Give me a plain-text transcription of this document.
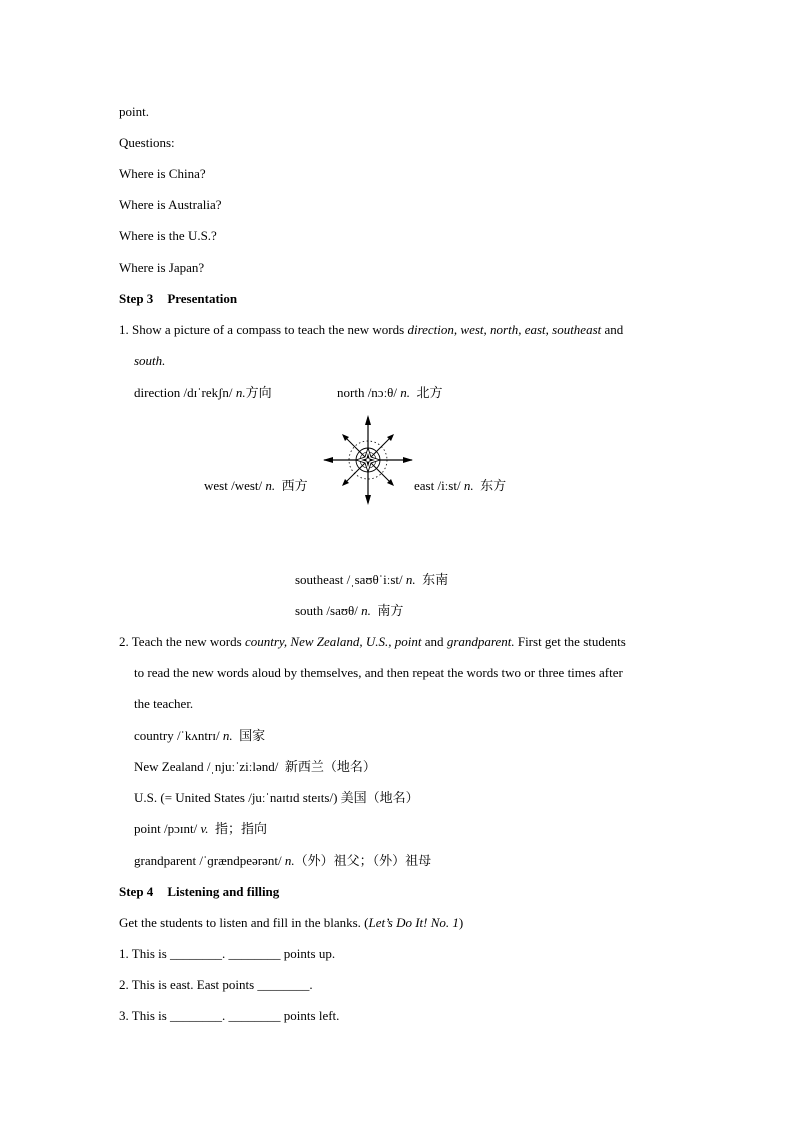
point.
Questions:
Where is China?
Where is Australia?
Where is the U.S.?
Where is Japan?
Step 3 Presentation
1. Show a picture of a compass to teach the new words direction, west, north, east, southeast and
south.
direction /dɪˈrekʃn/ n.方向	north /nɔːθ/ n. 北方
west /west/ n. 西方	east /iːst/ n. 东方
southeast /ˌsaʊθˈiːst/ n. 东南
south /saʊθ/ n. 南方
2. Teach the new words country, New Zealand, U.S., point and grandparent. First get the students
to read the new words aloud by themselves, and then repeat the words two or three times after
the teacher.
country /ˈkʌntrɪ/ n. 国家
New Zealand /ˌnjuːˈziːlənd/  新西兰（地名）
U.S. (= United States /juːˈnaɪtɪd steɪts/) 美国（地名）
point /pɔɪnt/ v. 指；指向
grandparent /ˈɡrændpeərənt/ n.（外）祖父；（外）祖母
Step 4 Listening and filling
Get the students to listen and fill in the blanks. (Let’s Do It! No. 1)
1. This is ________. ________ points up.
2. This is east. East points ________.
3. This is ________. ________ points left.
